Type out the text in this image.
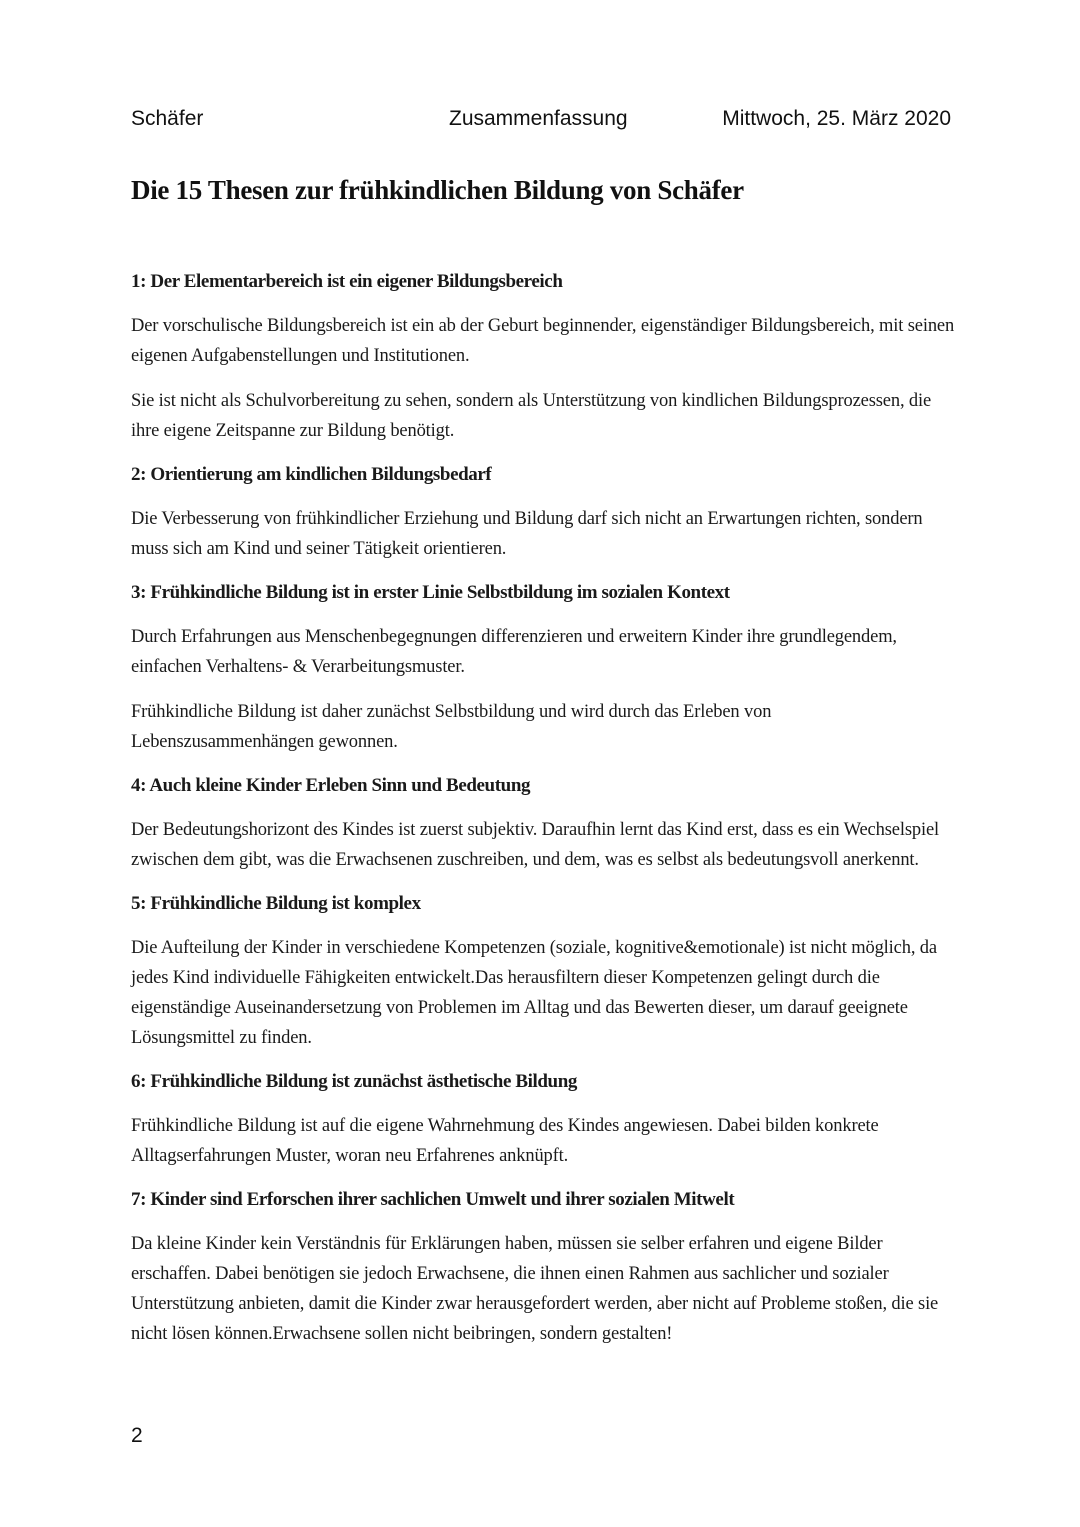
Schäfer	Zusammenfassung	Mittwoch, 25. März 2020
Die 15 Thesen zur frühkindlichen Bildung von Schäfer
1: Der Elementarbereich ist ein eigener Bildungsbereich

Der vorschulische Bildungsbereich ist ein ab der Geburt beginnender, eigenständiger Bildungsbereich, mit seinen eigenen Aufgabenstellungen und Institutionen.

Sie ist nicht als Schulvorbereitung zu sehen, sondern als Unterstützung von kindlichen Bildungsprozessen, die ihre eigene Zeitspanne zur Bildung benötigt.

2: Orientierung am kindlichen Bildungsbedarf

Die Verbesserung von frühkindlicher Erziehung und Bildung darf sich nicht an Erwartungen richten, sondern muss sich am Kind und seiner Tätigkeit orientieren.

3: Frühkindliche Bildung ist in erster Linie Selbstbildung im sozialen Kontext

Durch Erfahrungen aus Menschenbegegnungen differenzieren und erweitern Kinder ihre grundlegendem, einfachen Verhaltens- & Verarbeitungsmuster.

Frühkindliche Bildung ist daher zunächst Selbstbildung und wird durch das Erleben von Lebenszusammenhängen gewonnen.

4: Auch kleine Kinder Erleben Sinn und Bedeutung

Der Bedeutungshorizont des Kindes ist zuerst subjektiv. Daraufhin lernt das Kind erst, dass es ein Wechselspiel zwischen dem gibt, was die Erwachsenen zuschreiben, und dem, was es selbst als bedeutungsvoll anerkennt.

5: Frühkindliche Bildung ist komplex

Die Aufteilung der Kinder in verschiedene Kompetenzen (soziale, kognitive&emotionale) ist nicht möglich, da jedes Kind individuelle Fähigkeiten entwickelt.Das herausfiltern dieser Kompetenzen gelingt durch die eigenständige Auseinandersetzung von Problemen im Alltag und das Bewerten dieser, um darauf geeignete Lösungsmittel zu finden.

6: Frühkindliche Bildung ist zunächst ästhetische Bildung

Frühkindliche Bildung ist auf die eigene Wahrnehmung des Kindes angewiesen. Dabei bilden konkrete Alltagserfahrungen Muster, woran neu Erfahrenes anknüpft.

7: Kinder sind Erforschen ihrer sachlichen Umwelt und ihrer sozialen Mitwelt

Da kleine Kinder kein Verständnis für Erklärungen haben, müssen sie selber erfahren und eigene Bilder erschaffen. Dabei benötigen sie jedoch Erwachsene, die ihnen einen Rahmen aus sachlicher und sozialer Unterstützung anbieten, damit die Kinder zwar herausgefordert werden, aber nicht auf Probleme stoßen, die sie nicht lösen können.Erwachsene sollen nicht beibringen, sondern gestalten!

2
